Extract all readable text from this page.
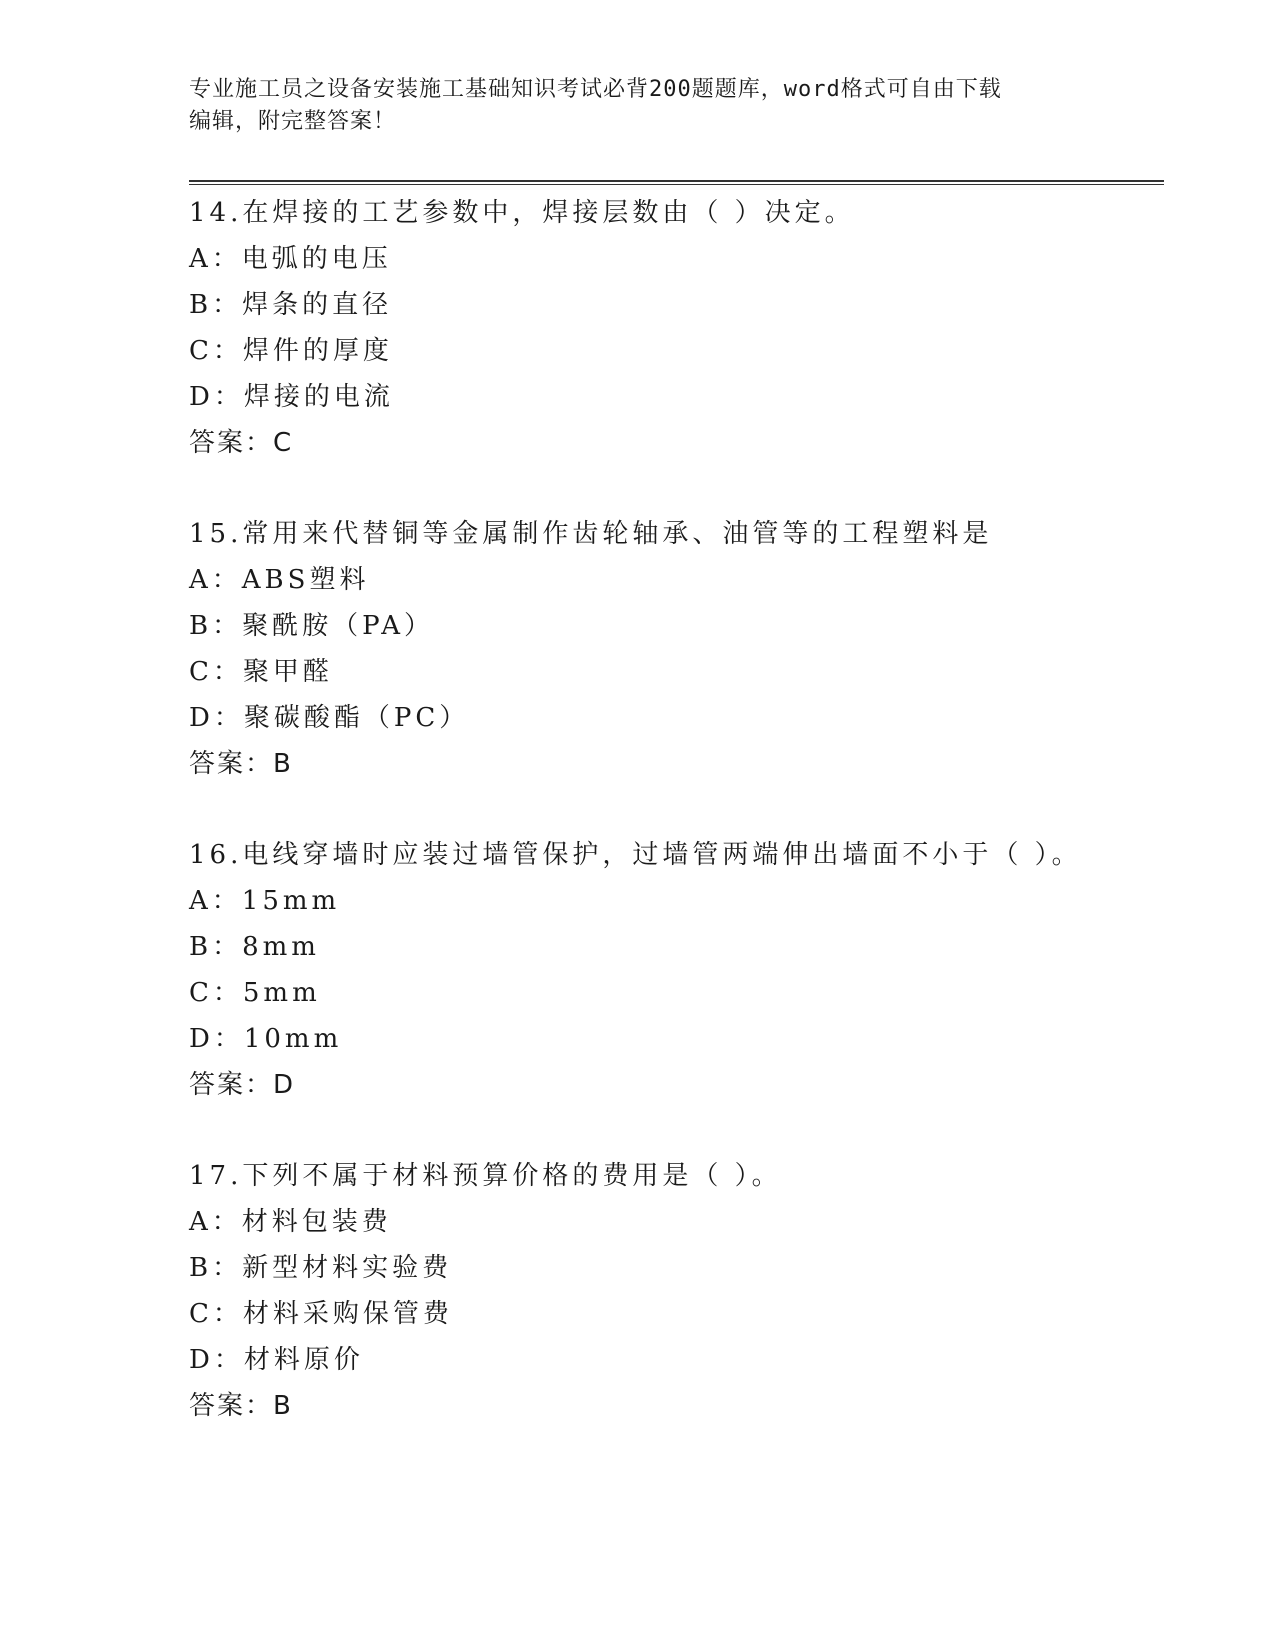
专业施工员之设备安装施工基础知识考试必背200题题库，word格式可自由下载
编辑，附完整答案！
14.在焊接的工艺参数中，焊接层数由（ ）决定。
A：电弧的电压
B：焊条的直径
C：焊件的厚度
D：焊接的电流
答案：C
15.常用来代替铜等金属制作齿轮轴承、油管等的工程塑料是
A：ABS塑料
B：聚酰胺（PA）
C：聚甲醛
D：聚碳酸酯（PC）
答案：B
16.电线穿墙时应装过墙管保护，过墙管两端伸出墙面不小于（ ）。
A：15mm
B：8mm
C：5mm
D：10mm
答案：D
17.下列不属于材料预算价格的费用是（ ）。
A：材料包装费
B：新型材料实验费
C：材料采购保管费
D：材料原价
答案：B
